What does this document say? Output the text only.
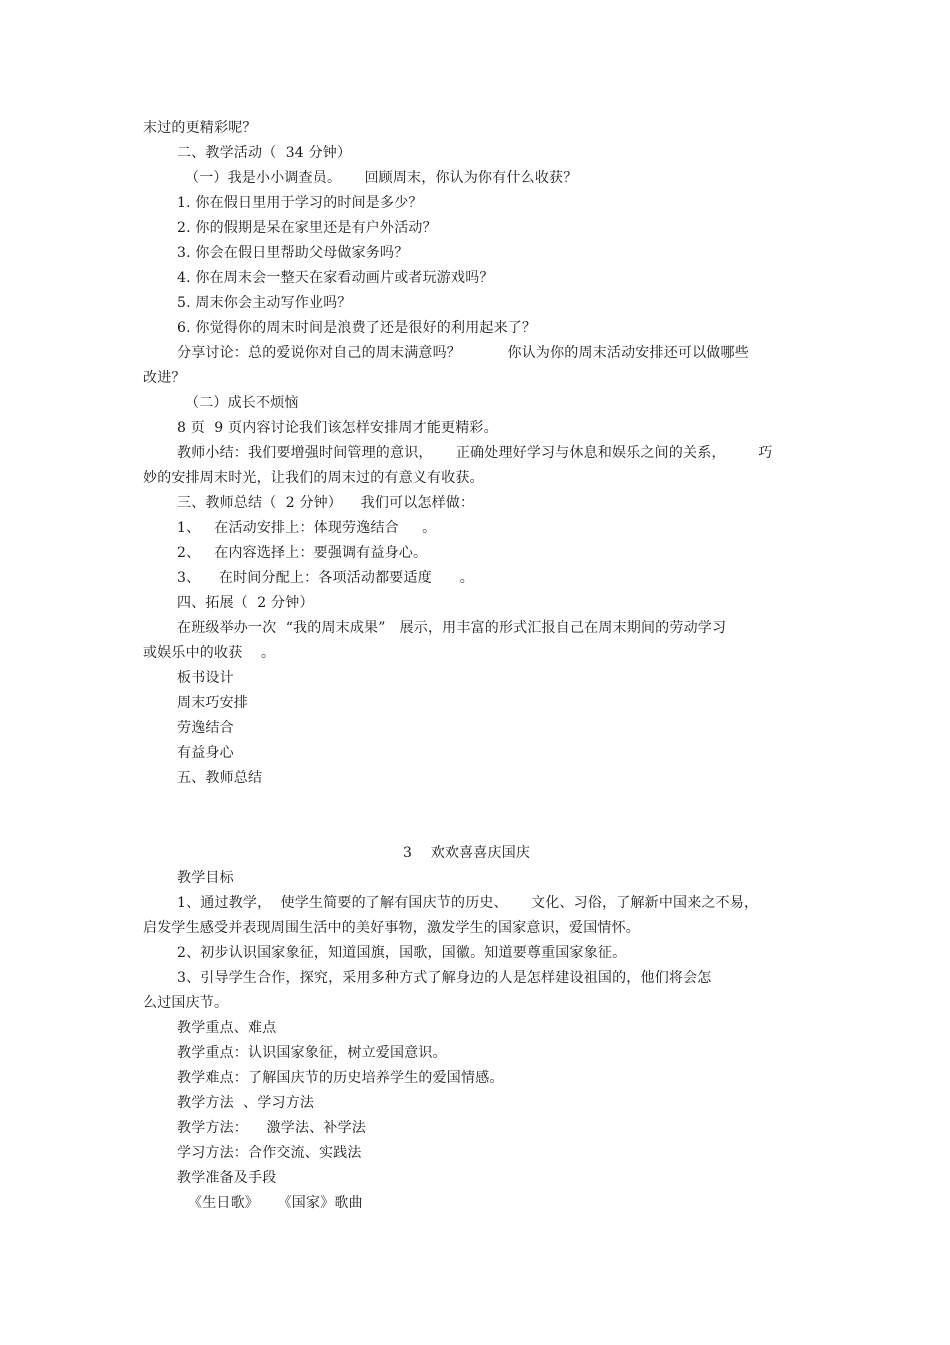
末过的更精彩呢？
二、教学活动（  34 分钟）
（一）我是小小调查员。     回顾周末，你认为你有什么收获？
1. 你在假日里用于学习的时间是多少？
2. 你的假期是呆在家里还是有户外活动？
3. 你会在假日里帮助父母做家务吗？
4. 你在周末会一整天在家看动画片或者玩游戏吗？
5. 周末你会主动写作业吗？
6. 你觉得你的周末时间是浪费了还是很好的利用起来了？
分享讨论：总的爱说你对自己的周末满意吗？          你认为你的周末活动安排还可以做哪些
改进？
（二）成长不烦恼
8 页  9 页内容讨论我们该怎样安排周才能更精彩。
教师小结：我们要增强时间管理的意识，     正确处理好学习与休息和娱乐之间的关系，       巧
妙的安排周末时光，让我们的周末过的有意义有收获。
三、教师总结（  2 分钟）    我们可以怎样做：
1、   在活动安排上：体现劳逸结合     。
2、   在内容选择上：要强调有益身心。
3、    在时间分配上：各项活动都要适度      。
四、拓展（  2 分钟）
在班级举办一次  “我的周末成果”   展示，用丰富的形式汇报自己在周末期间的劳动学习
或娱乐中的收获    。
板书设计
周末巧安排
劳逸结合
有益身心
五、教师总结
3    欢欢喜喜庆国庆
教学目标
1、通过教学，  使学生简要的了解有国庆节的历史、     文化、习俗，了解新中国来之不易，
启发学生感受并表现周围生活中的美好事物，激发学生的国家意识，爱国情怀。
2、初步认识国家象征，知道国旗，国歌，国徽。知道要尊重国家象征。
3、引导学生合作，探究，采用多种方式了解身边的人是怎样建设祖国的，他们将会怎
么过国庆节。
教学重点、难点
教学重点：认识国家象征，树立爱国意识。
教学难点：了解国庆节的历史培养学生的爱国情感。
教学方法  、学习方法
教学方法：    激学法、补学法
学习方法：合作交流、实践法
教学准备及手段
《生日歌》    《国家》歌曲
